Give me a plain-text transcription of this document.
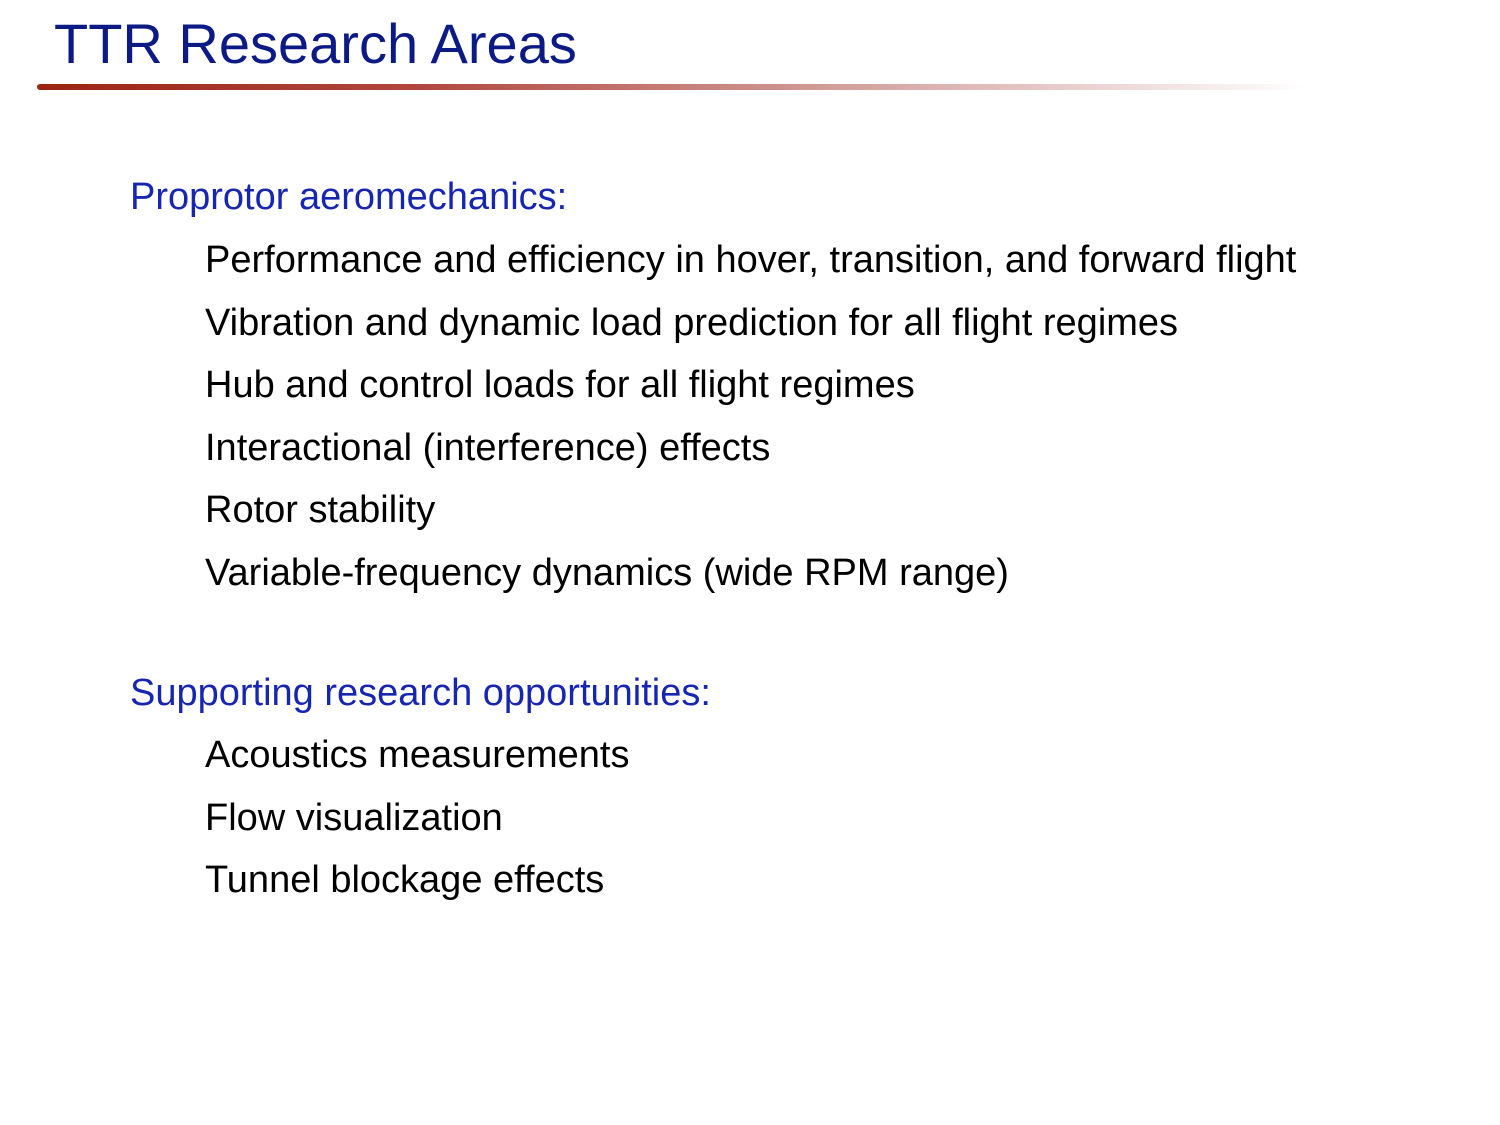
TTR Research Areas
Proprotor aeromechanics:
Performance and efficiency in hover, transition, and forward flight
Vibration and dynamic load prediction for all flight regimes
Hub and control loads for all flight regimes
Interactional (interference) effects
Rotor stability
Variable-frequency dynamics (wide RPM range)
Supporting research opportunities:
Acoustics measurements
Flow visualization
Tunnel blockage effects
